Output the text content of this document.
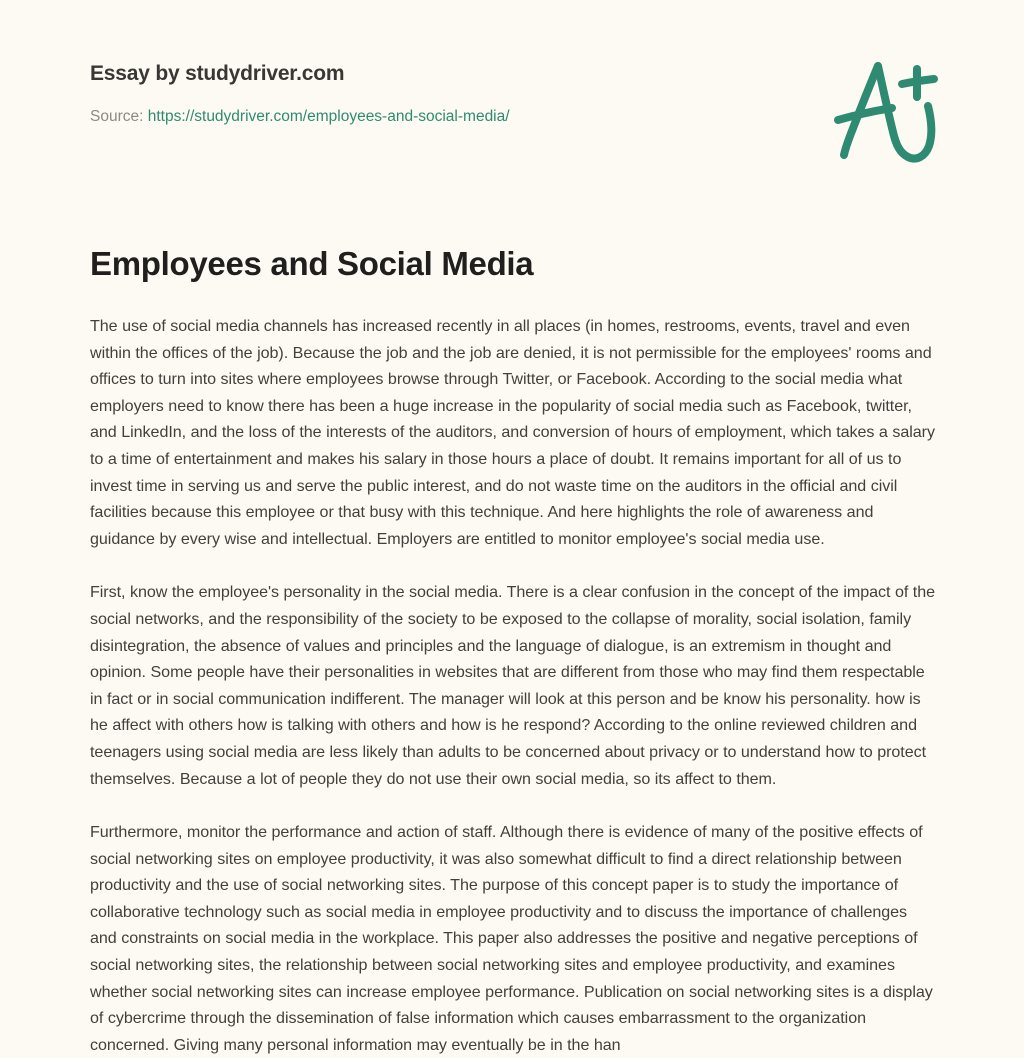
Essay by studydriver.com
Source: https://studydriver.com/employees-and-social-media/
Employees and Social Media

The use of social media channels has increased recently in all places (in homes, restrooms, events, travel and even within the offices of the job). Because the job and the job are denied, it is not permissible for the employees' rooms and offices to turn into sites where employees browse through Twitter, or Facebook. According to the social media what employers need to know there has been a huge increase in the popularity of social media such as Facebook, twitter, and LinkedIn, and the loss of the interests of the auditors, and conversion of hours of employment, which takes a salary to a time of entertainment and makes his salary in those hours a place of doubt. It remains important for all of us to invest time in serving us and serve the public interest, and do not waste time on the auditors in the official and civil facilities because this employee or that busy with this technique. And here highlights the role of awareness and guidance by every wise and intellectual. Employers are entitled to monitor employee's social media use.

First, know the employee's personality in the social media. There is a clear confusion in the concept of the impact of the social networks, and the responsibility of the society to be exposed to the collapse of morality, social isolation, family disintegration, the absence of values and principles and the language of dialogue, is an extremism in thought and opinion. Some people have their personalities in websites that are different from those who may find them respectable in fact or in social communication indifferent. The manager will look at this person and be know his personality. how is he affect with others how is talking with others and how is he respond? According to the online reviewed children and teenagers using social media are less likely than adults to be concerned about privacy or to understand how to protect themselves. Because a lot of people they do not use their own social media, so its affect to them.

Furthermore, monitor the performance and action of staff. Although there is evidence of many of the positive effects of social networking sites on employee productivity, it was also somewhat difficult to find a direct relationship between productivity and the use of social networking sites. The purpose of this concept paper is to study the importance of collaborative technology such as social media in employee productivity and to discuss the importance of challenges and constraints on social media in the workplace. This paper also addresses the positive and negative perceptions of social networking sites, the relationship between social networking sites and employee productivity, and examines whether social networking sites can increase employee performance. Publication on social networking sites is a display of cybercrime through the dissemination of false information which causes embarrassment to the organization concerned. Giving many personal information may eventually be in the han
